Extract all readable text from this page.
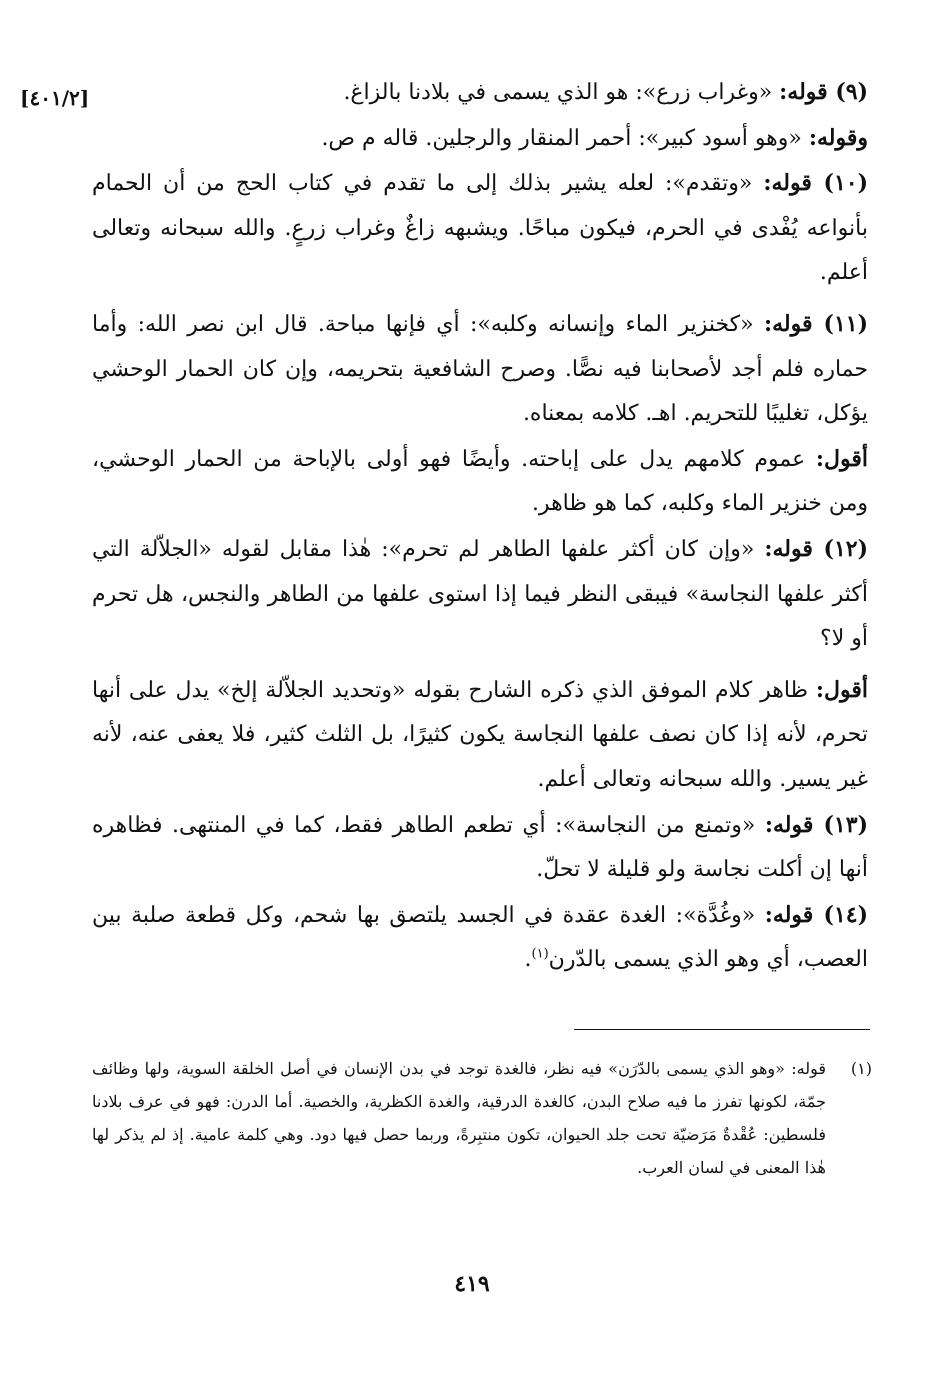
[٤٠١/٢]	(٩) قوله: «وغراب زرع»: هو الذي يسمى في بلادنا بالزاغ.

وقوله: «وهو أسود كبير»: أحمر المنقار والرجلين. قاله م ص.

(١٠) قوله: «وتقدم»: لعله يشير بذلك إلى ما تقدم في كتاب الحج من أن الحمام بأنواعه يُفْدى في الحرم، فيكون مباحًا. ويشبهه زاغٌ وغراب زرعٍ. والله سبحانه وتعالى أعلم.

(١١) قوله: «كخنزير الماء وإنسانه وكلبه»: أي فإنها مباحة. قال ابن نصر الله: وأما حماره فلم أجد لأصحابنا فيه نصًّا. وصرح الشافعية بتحريمه، وإن كان الحمار الوحشي يؤكل، تغليبًا للتحريم. اهـ. كلامه بمعناه.

أقول: عموم كلامهم يدل على إباحته. وأيضًا فهو أولى بالإباحة من الحمار الوحشي، ومن خنزير الماء وكلبه، كما هو ظاهر.

(١٢) قوله: «وإن كان أكثر علفها الطاهر لم تحرم»: هٰذا مقابل لقوله «الجلاّلة التي أكثر علفها النجاسة» فيبقى النظر فيما إذا استوى علفها من الطاهر والنجس، هل تحرم أو لا؟

أقول: ظاهر كلام الموفق الذي ذكره الشارح بقوله «وتحديد الجلاّلة إلخ» يدل على أنها تحرم، لأنه إذا كان نصف علفها النجاسة يكون كثيرًا، بل الثلث كثير، فلا يعفى عنه، لأنه غير يسير. والله سبحانه وتعالى أعلم.

(١٣) قوله: «وتمنع من النجاسة»: أي تطعم الطاهر فقط، كما في المنتهى. فظاهره أنها إن أكلت نجاسة ولو قليلة لا تحلّ.

(١٤) قوله: «وغُدَّة»: الغدة عقدة في الجسد يلتصق بها شحم، وكل قطعة صلبة بين العصب، أي وهو الذي يسمى بالدّرن$^{(١)}$.

(١)
قوله: «وهو الذي يسمى بالدّرَن» فيه نظر، فالغدة توجد في بدن الإنسان في أصل الخلقة السوية، ولها وظائف جمّة، لكونها تفرز ما فيه صلاح البدن، كالغدة الدرقية، والغدة الكظرية، والخصية. أما الدرن: فهو في عرف بلادنا فلسطين: عُقْدةٌ مَرَضيّة تحت جلد الحيوان، تكون منتبِرةً، وربما حصل فيها دود. وهي كلمة عامية. إذ لم يذكر لها هٰذا المعنى في لسان العرب.
٤١٩
